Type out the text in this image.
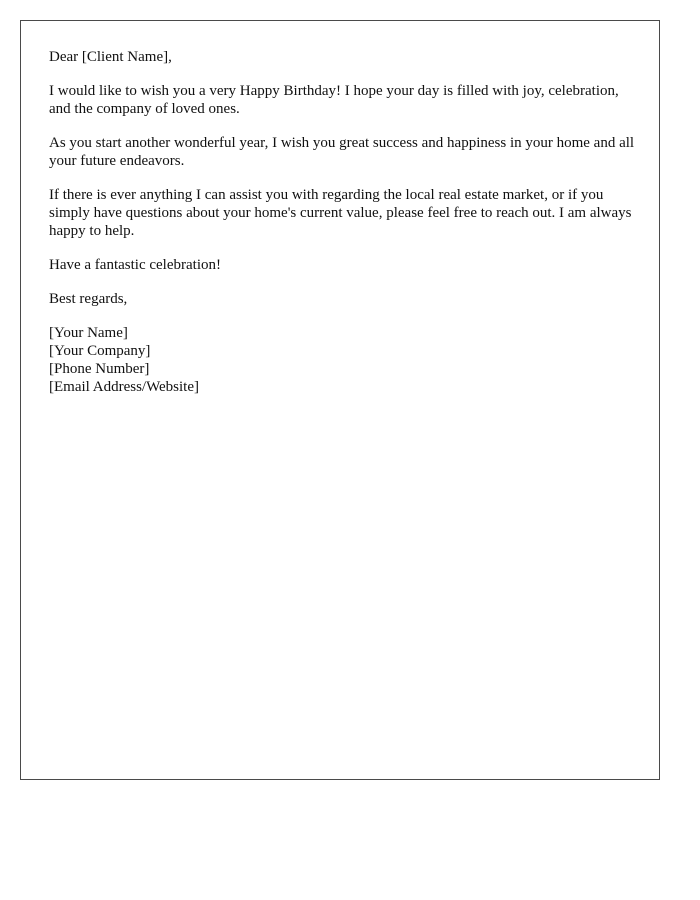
Dear [Client Name],

I would like to wish you a very Happy Birthday! I hope your day is filled with joy, celebration, and the company of loved ones.

As you start another wonderful year, I wish you great success and happiness in your home and all your future endeavors.

If there is ever anything I can assist you with regarding the local real estate market, or if you simply have questions about your home's current value, please feel free to reach out. I am always happy to help.

Have a fantastic celebration!

Best regards,

[Your Name]

[Your Company]

[Phone Number]

[Email Address/Website]
